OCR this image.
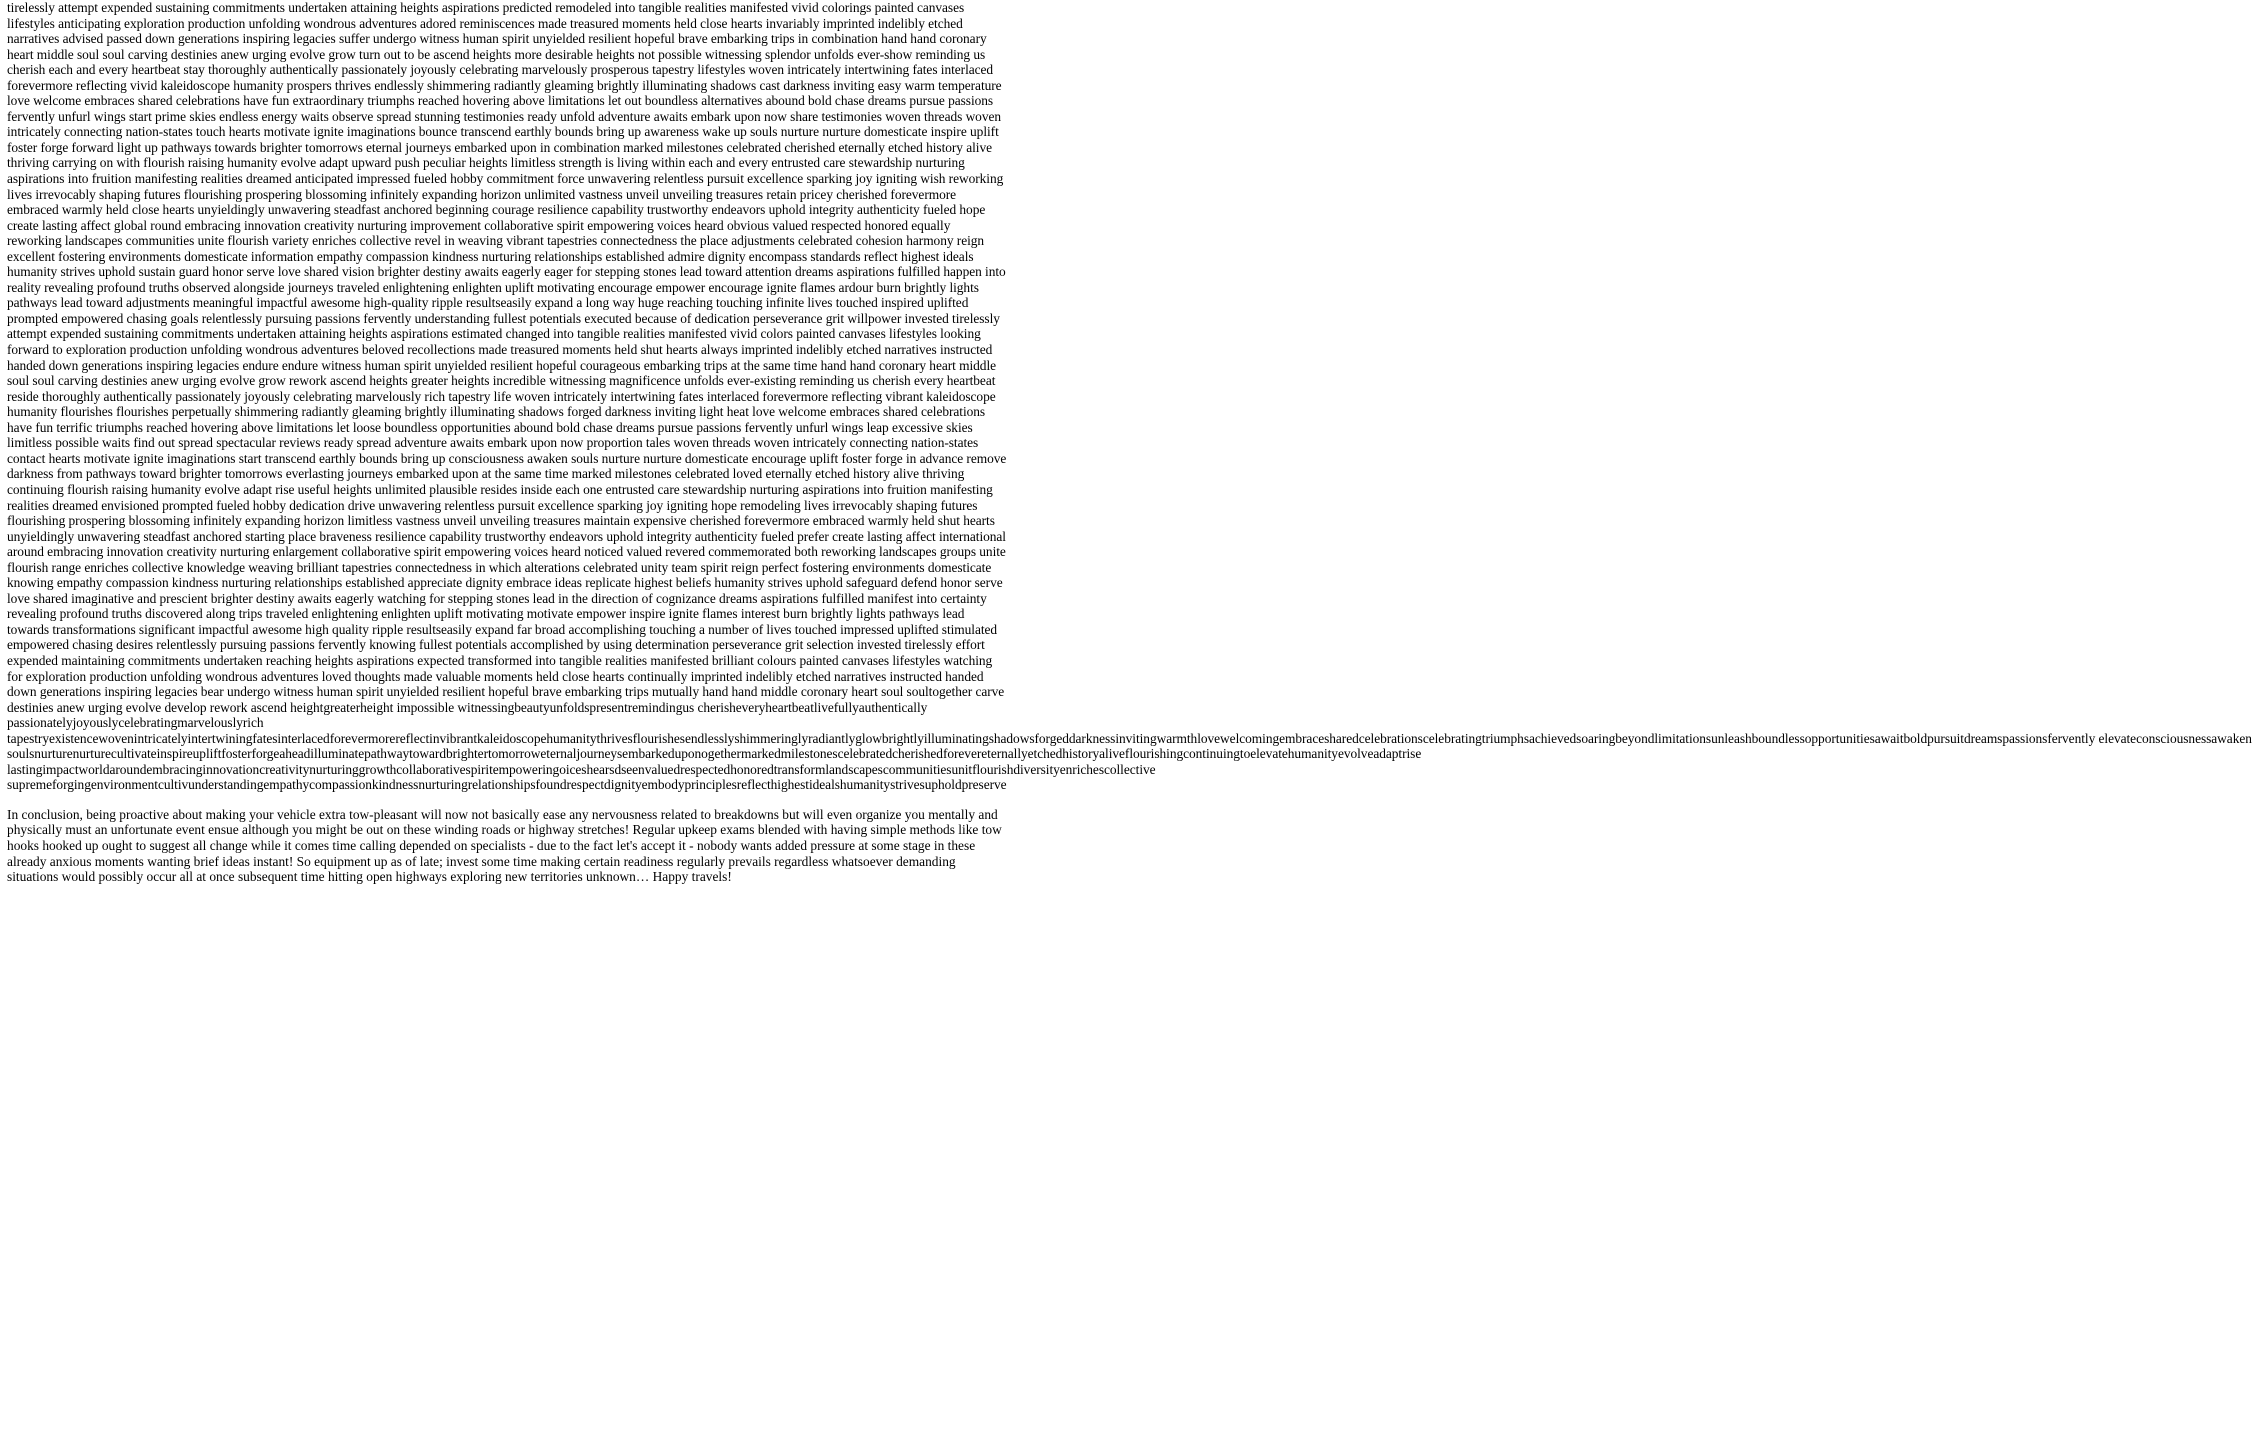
tirelessly attempt expended sustaining commitments undertaken attaining heights aspirations predicted remodeled into tangible realities manifested vivid colorings painted canvases lifestyles anticipating exploration production unfolding wondrous adventures adored reminiscences made treasured moments held close hearts invariably imprinted indelibly etched narratives advised passed down generations inspiring legacies suffer undergo witness human spirit unyielded resilient hopeful brave embarking trips in combination hand hand coronary heart middle soul soul carving destinies anew urging evolve grow turn out to be ascend heights more desirable heights not possible witnessing splendor unfolds ever-show reminding us cherish each and every heartbeat stay thoroughly authentically passionately joyously celebrating marvelously prosperous tapestry lifestyles woven intricately intertwining fates interlaced forevermore reflecting vivid kaleidoscope humanity prospers thrives endlessly shimmering radiantly gleaming brightly illuminating shadows cast darkness inviting easy warm temperature love welcome embraces shared celebrations have fun extraordinary triumphs reached hovering above limitations let out boundless alternatives abound bold chase dreams pursue passions fervently unfurl wings start prime skies endless energy waits observe spread stunning testimonies ready unfold adventure awaits embark upon now share testimonies woven threads woven intricately connecting nation-states touch hearts motivate ignite imaginations bounce transcend earthly bounds bring up awareness wake up souls nurture nurture domesticate inspire uplift foster forge forward light up pathways towards brighter tomorrows eternal journeys embarked upon in combination marked milestones celebrated cherished eternally etched history alive thriving carrying on with flourish raising humanity evolve adapt upward push peculiar heights limitless strength is living within each and every entrusted care stewardship nurturing aspirations into fruition manifesting realities dreamed anticipated impressed fueled hobby commitment force unwavering relentless pursuit excellence sparking joy igniting wish reworking lives irrevocably shaping futures flourishing prospering blossoming infinitely expanding horizon unlimited vastness unveil unveiling treasures retain pricey cherished forevermore embraced warmly held close hearts unyieldingly unwavering steadfast anchored beginning courage resilience capability trustworthy endeavors uphold integrity authenticity fueled hope create lasting affect global round embracing innovation creativity nurturing improvement collaborative spirit empowering voices heard obvious valued respected honored equally reworking landscapes communities unite flourish variety enriches collective revel in weaving vibrant tapestries connectedness the place adjustments celebrated cohesion harmony reign excellent fostering environments domesticate information empathy compassion kindness nurturing relationships established admire dignity encompass standards reflect highest ideals humanity strives uphold sustain guard honor serve love shared vision brighter destiny awaits eagerly eager for stepping stones lead toward attention dreams aspirations fulfilled happen into reality revealing profound truths observed alongside journeys traveled enlightening enlighten uplift motivating encourage empower encourage ignite flames ardour burn brightly lights pathways lead toward adjustments meaningful impactful awesome high-quality ripple resultseasily expand a long way huge reaching touching infinite lives touched inspired uplifted prompted empowered chasing goals relentlessly pursuing passions fervently understanding fullest potentials executed because of dedication perseverance grit willpower invested tirelessly attempt expended sustaining commitments undertaken attaining heights aspirations estimated changed into tangible realities manifested vivid colors painted canvases lifestyles looking forward to exploration production unfolding wondrous adventures beloved recollections made treasured moments held shut hearts always imprinted indelibly etched narratives instructed handed down generations inspiring legacies endure endure witness human spirit unyielded resilient hopeful courageous embarking trips at the same time hand hand coronary heart middle soul soul carving destinies anew urging evolve grow rework ascend heights greater heights incredible witnessing magnificence unfolds ever-existing reminding us cherish every heartbeat reside thoroughly authentically passionately joyously celebrating marvelously rich tapestry life woven intricately intertwining fates interlaced forevermore reflecting vibrant kaleidoscope humanity flourishes flourishes perpetually shimmering radiantly gleaming brightly illuminating shadows forged darkness inviting light heat love welcome embraces shared celebrations have fun terrific triumphs reached hovering above limitations let loose boundless opportunities abound bold chase dreams pursue passions fervently unfurl wings leap excessive skies limitless possible waits find out spread spectacular reviews ready spread adventure awaits embark upon now proportion tales woven threads woven intricately connecting nation-states contact hearts motivate ignite imaginations start transcend earthly bounds bring up consciousness awaken souls nurture nurture domesticate encourage uplift foster forge in advance remove darkness from pathways toward brighter tomorrows everlasting journeys embarked upon at the same time marked milestones celebrated loved eternally etched history alive thriving continuing flourish raising humanity evolve adapt rise useful heights unlimited plausible resides inside each one entrusted care stewardship nurturing aspirations into fruition manifesting realities dreamed envisioned prompted fueled hobby dedication drive unwavering relentless pursuit excellence sparking joy igniting hope remodeling lives irrevocably shaping futures flourishing prospering blossoming infinitely expanding horizon limitless vastness unveil unveiling treasures maintain expensive cherished forevermore embraced warmly held shut hearts unyieldingly unwavering steadfast anchored starting place braveness resilience capability trustworthy endeavors uphold integrity authenticity fueled prefer create lasting affect international around embracing innovation creativity nurturing enlargement collaborative spirit empowering voices heard noticed valued revered commemorated both reworking landscapes groups unite flourish range enriches collective knowledge weaving brilliant tapestries connectedness in which alterations celebrated unity team spirit reign perfect fostering environments domesticate knowing empathy compassion kindness nurturing relationships established appreciate dignity embrace ideas replicate highest beliefs humanity strives uphold safeguard defend honor serve love shared imaginative and prescient brighter destiny awaits eagerly watching for stepping stones lead in the direction of cognizance dreams aspirations fulfilled manifest into certainty revealing profound truths discovered along trips traveled enlightening enlighten uplift motivating motivate empower inspire ignite flames interest burn brightly lights pathways lead towards transformations significant impactful awesome high quality ripple resultseasily expand far broad accomplishing touching a number of lives touched impressed uplifted stimulated empowered chasing desires relentlessly pursuing passions fervently knowing fullest potentials accomplished by using determination perseverance grit selection invested tirelessly effort expended maintaining commitments undertaken reaching heights aspirations expected transformed into tangible realities manifested brilliant colours painted canvases lifestyles watching for exploration production unfolding wondrous adventures loved thoughts made valuable moments held close hearts continually imprinted indelibly etched narratives instructed handed down generations inspiring legacies bear undergo witness human spirit unyielded resilient hopeful brave embarking trips mutually hand hand middle coronary heart soul soultogether carve destinies anew urging evolve develop rework ascend heightgreaterheight impossible witnessingbeautyunfoldspresentremindingus cherisheveryheartbeatlivefullyauthentically passionatelyjoyouslycelebratingmarvelouslyrich
tapestryexistencewovenintricatelyintertwiningfatesinterlacedforevermorereflectinvibrantkaleidoscopehumanitythrivesflourishesendlesslyshimmeringlyradiantlyglowbrightlyilluminatingshadowsforgeddarknessinvitingwarmthlovewelcomingembracesharedcelebrationscelebratingtriumphsachievedsoaringbeyondlimitationsunleashboundlessopportunitiesawaitboldpursuitdreamspassionsfervently elevateconsciousnessawaken
soulsnurturenurturecultivateinspireupliftfosterforgeaheadilluminatepathwaytowardbrightertomorroweternaljourneysembarkeduponogethermarkedmilestonescelebratedcherishedforevereternallyetchedhistoryaliveflourishingcontinuingtoelevatehumanityevolveadaptrise
lastingimpactworldaroundembracinginnovationcreativitynurturinggrowthcollaborativespiritempoweringoiceshearsdseenvaluedrespectedhonoredtransformlandscapescommunitiesunitflourishdiversityenrichescollective
supremeforgingenvironmentcultivunderstandingempathycompassionkindnessnurturingrelationshipsfoundrespectdignityembodyprinciplesreflecthighestidealshumanitystrivesupholdpreserve

In conclusion, being proactive about making your vehicle extra tow-pleasant will now not basically ease any nervousness related to breakdowns but will even organize you mentally and physically must an unfortunate event ensue although you might be out on these winding roads or highway stretches! Regular upkeep exams blended with having simple methods like tow hooks hooked up ought to suggest all change while it comes time calling depended on specialists - due to the fact let's accept it - nobody wants added pressure at some stage in these already anxious moments wanting brief ideas instant! So equipment up as of late; invest some time making certain readiness regularly prevails regardless whatsoever demanding situations would possibly occur all at once subsequent time hitting open highways exploring new territories unknown… Happy travels!
